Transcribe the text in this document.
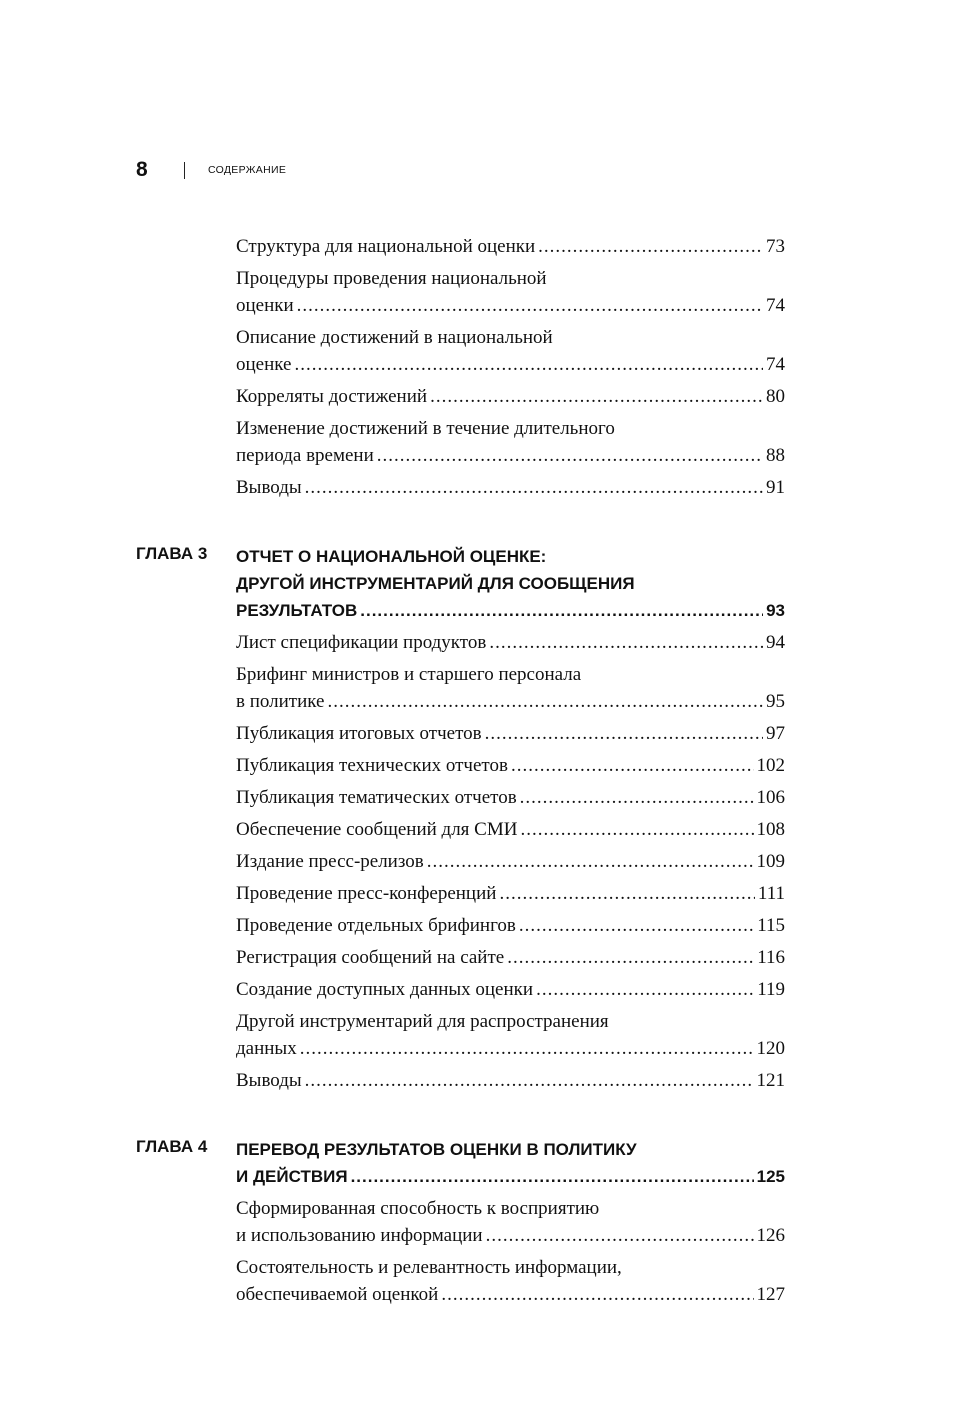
8	СОДЕРЖАНИЕ
Структура для национальной оценки .....	73
Процедуры проведения национальной
оценки .....	74
Описание достижений в национальной
оценке .....	74
Корреляты достижений .....	80
Изменение достижений в течение длительного
периода времени .....	88
Выводы .....	91
ГЛАВА 3 ОТЧЕТ О НАЦИОНАЛЬНОЙ ОЦЕНКЕ:
ДРУГОЙ ИНСТРУМЕНТАРИЙ ДЛЯ СООБЩЕНИЯ
РЕЗУЛЬТАТОВ .....	93
Лист спецификации продуктов .....	94
Брифинг министров и старшего персонала
в политике .....	95
Публикация итоговых отчетов .....	97
Публикация технических отчетов .....	102
Публикация тематических отчетов .....	106
Обеспечение сообщений для СМИ .....	108
Издание пресс-релизов .....	109
Проведение пресс-конференций .....	111
Проведение отдельных брифингов .....	115
Регистрация сообщений на сайте .....	116
Создание доступных данных оценки .....	119
Другой инструментарий для распространения
данных .....	120
Выводы .....	121
ГЛАВА 4 ПЕРЕВОД РЕЗУЛЬТАТОВ ОЦЕНКИ В ПОЛИТИКУ
И ДЕЙСТВИЯ .....	125
Сформированная способность к восприятию
и использованию информации .....	126
Состоятельность и релевантность информации,
обеспечиваемой оценкой .....	127
